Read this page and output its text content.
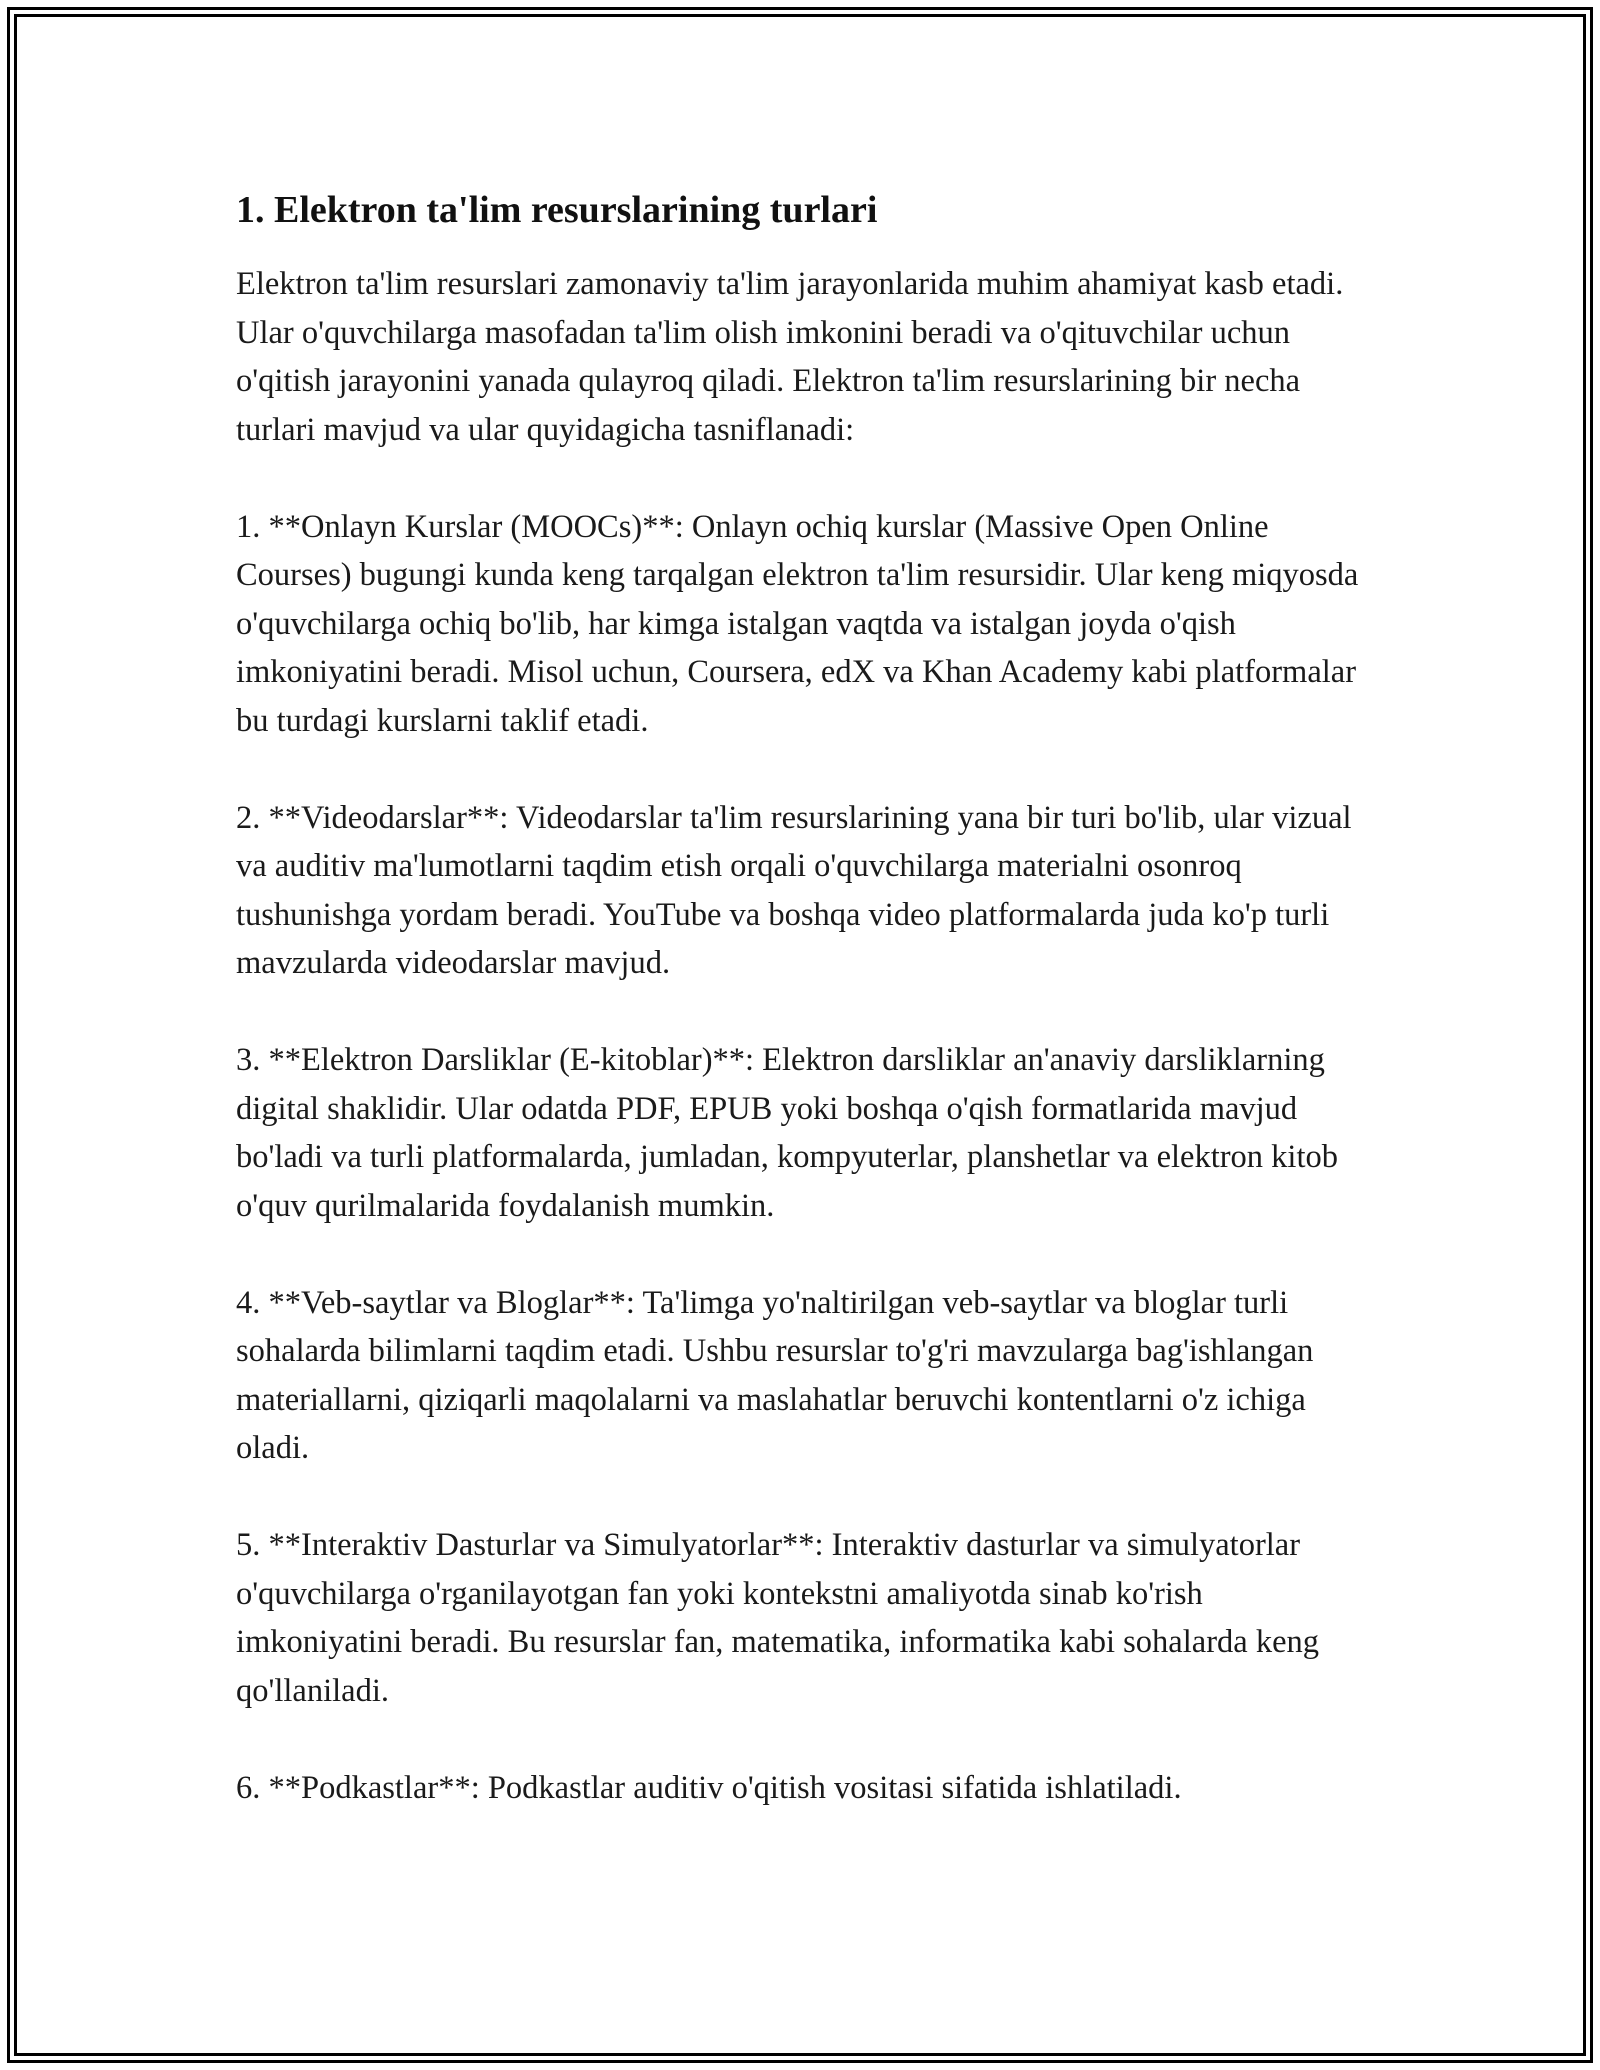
1. Elektron ta'lim resurslarining turlari

Elektron ta'lim resurslari zamonaviy ta'lim jarayonlarida muhim ahamiyat kasb etadi. Ular o'quvchilarga masofadan ta'lim olish imkonini beradi va o'qituvchilar uchun o'qitish jarayonini yanada qulayroq qiladi. Elektron ta'lim resurslarining bir necha turlari mavjud va ular quyidagicha tasniflanadi:

1. **Onlayn Kurslar (MOOCs)**: Onlayn ochiq kurslar (Massive Open Online Courses) bugungi kunda keng tarqalgan elektron ta'lim resursidir. Ular keng miqyosda o'quvchilarga ochiq bo'lib, har kimga istalgan vaqtda va istalgan joyda o'qish imkoniyatini beradi. Misol uchun, Coursera, edX va Khan Academy kabi platformalar bu turdagi kurslarni taklif etadi.

2. **Videodarslar**: Videodarslar ta'lim resurslarining yana bir turi bo'lib, ular vizual va auditiv ma'lumotlarni taqdim etish orqali o'quvchilarga materialni osonroq tushunishga yordam beradi. YouTube va boshqa video platformalarda juda ko'p turli mavzularda videodarslar mavjud.

3. **Elektron Darsliklar (E-kitoblar)**: Elektron darsliklar an'anaviy darsliklarning digital shaklidir. Ular odatda PDF, EPUB yoki boshqa o'qish formatlarida mavjud bo'ladi va turli platformalarda, jumladan, kompyuterlar, planshetlar va elektron kitob o'quv qurilmalarida foydalanish mumkin.

4. **Veb-saytlar va Bloglar**: Ta'limga yo'naltirilgan veb-saytlar va bloglar turli sohalarda bilimlarni taqdim etadi. Ushbu resurslar to'g'ri mavzularga bag'ishlangan materiallarni, qiziqarli maqolalarni va maslahatlar beruvchi kontentlarni o'z ichiga oladi.

5. **Interaktiv Dasturlar va Simulyatorlar**: Interaktiv dasturlar va simulyatorlar o'quvchilarga o'rganilayotgan fan yoki kontekstni amaliyotda sinab ko'rish imkoniyatini beradi. Bu resurslar fan, matematika, informatika kabi sohalarda keng qo'llaniladi.

6. **Podkastlar**: Podkastlar auditiv o'qitish vositasi sifatida ishlatiladi.
